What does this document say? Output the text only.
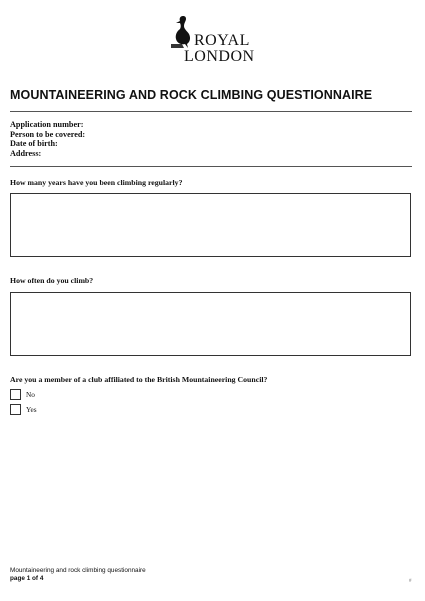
ROYAL
LONDON
MOUNTAINEERING AND ROCK CLIMBING QUESTIONNAIRE
Application number:
Person to be covered:
Date of birth:
Address:
How many years have you been climbing regularly?
How often do you climb?
Are you a member of a club affiliated to the British Mountaineering Council?
No
Yes
Mountaineering and rock climbing questionnaire
page 1 of 4	#
